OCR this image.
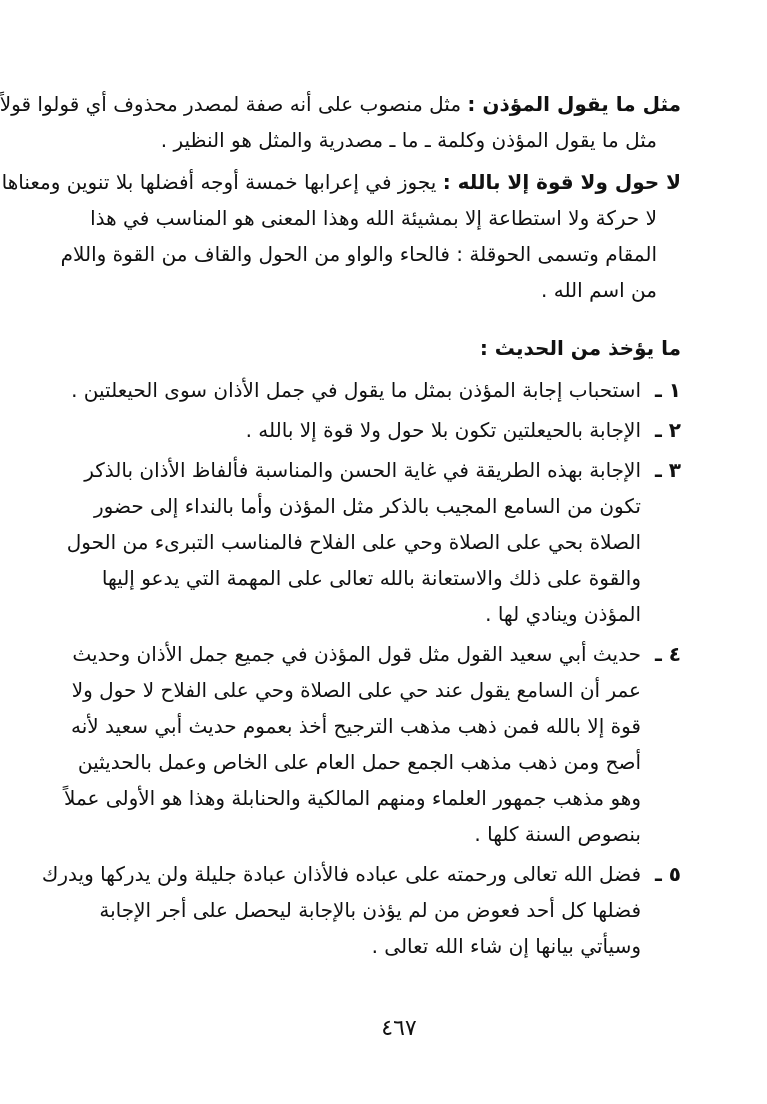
مثل ما يقول المؤذن : مثل منصوب على أنه صفة لمصدر محذوف أي قولوا قولاً
مثل ما يقول المؤذن وكلمة ـ ما ـ مصدرية والمثل هو النظير .
لا حول ولا قوة إلا بالله : يجوز في إعرابها خمسة أوجه أفضلها بلا تنوين ومعناها
لا حركة ولا استطاعة إلا بمشيئة الله وهذا المعنى هو المناسب في هذا
المقام وتسمى الحوقلة : فالحاء والواو من الحول والقاف من القوة واللام
من اسم الله .
ما يؤخذ من الحديث :
١ ـ
استحباب إجابة المؤذن بمثل ما يقول في جمل الأذان سوى الحيعلتين .
٢ ـ
الإجابة بالحيعلتين تكون بلا حول ولا قوة إلا بالله .
٣ ـ
الإجابة بهذه الطريقة في غاية الحسن والمناسبة فألفاظ الأذان بالذكر
تكون من السامع المجيب بالذكر مثل المؤذن وأما بالنداء إلى حضور
الصلاة بحي على الصلاة وحي على الفلاح فالمناسب التبرىء من الحول
والقوة على ذلك والاستعانة بالله تعالى على المهمة التي يدعو إليها
المؤذن وينادي لها .
٤ ـ
حديث أبي سعيد القول مثل قول المؤذن في جميع جمل الأذان وحديث
عمر أن السامع يقول عند حي على الصلاة وحي على الفلاح لا حول ولا
قوة إلا بالله فمن ذهب مذهب الترجيح أخذ بعموم حديث أبي سعيد لأنه
أصح ومن ذهب مذهب الجمع حمل العام على الخاص وعمل بالحديثين
وهو مذهب جمهور العلماء ومنهم المالكية والحنابلة وهذا هو الأولى عملاً
بنصوص السنة كلها .
٥ ـ
فضل الله تعالى ورحمته على عباده فالأذان عبادة جليلة ولن يدركها ويدرك
فضلها كل أحد فعوض من لم يؤذن بالإجابة ليحصل على أجر الإجابة
وسيأتي بيانها إن شاء الله تعالى .
٤٦٧
